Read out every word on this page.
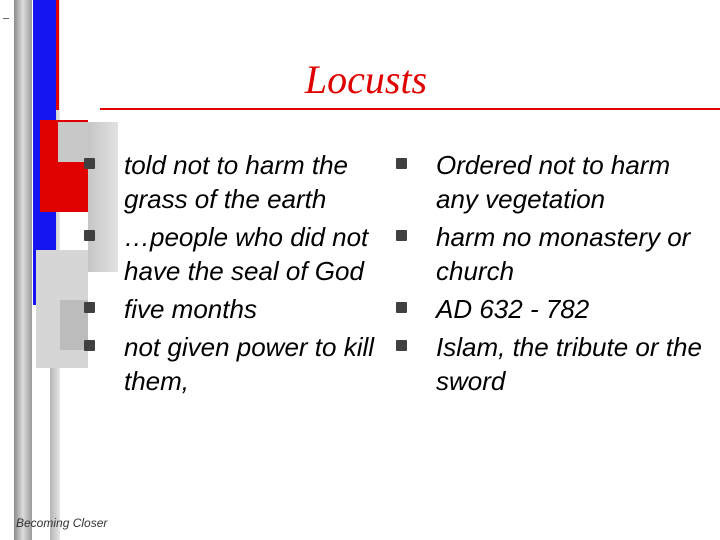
Locusts
told not to harm the grass of the earth
…people who did not have the seal of God
five months
not given power to kill them,
Ordered not to harm any vegetation
harm no monastery or church
AD 632 - 782
Islam, the tribute or the sword
Becoming Closer
